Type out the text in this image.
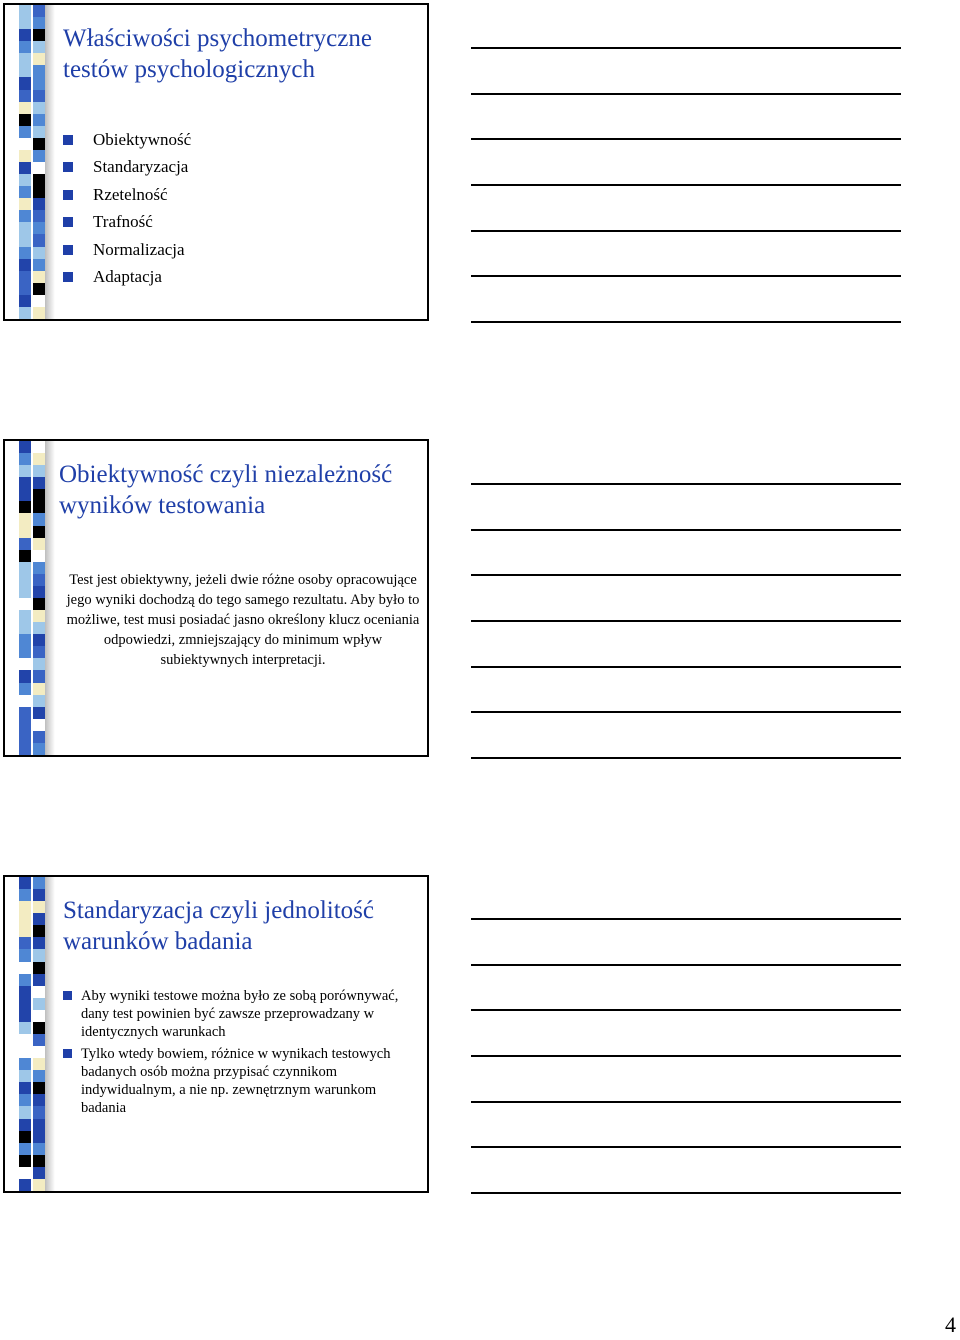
Właściwości psychometryczne testów psychologicznych
Obiektywność
Standaryzacja
Rzetelność
Trafność
Normalizacja
Adaptacja
Obiektywność czyli niezależność wyników testowania

Test jest obiektywny, jeżeli dwie różne osoby opracowujące jego wyniki dochodzą do tego samego rezultatu. Aby było to możliwe, test musi posiadać jasno określony klucz oceniania odpowiedzi, zmniejszający do minimum wpływ subiektywnych interpretacji.

Standaryzacja czyli jednolitość warunków badania
Aby wyniki testowe można było ze sobą porównywać, dany test powinien być zawsze przeprowadzany w identycznych warunkach
Tylko wtedy bowiem, różnice w wynikach testowych badanych osób można przypisać czynnikom indywidualnym, a nie np. zewnętrznym warunkom badania
4
